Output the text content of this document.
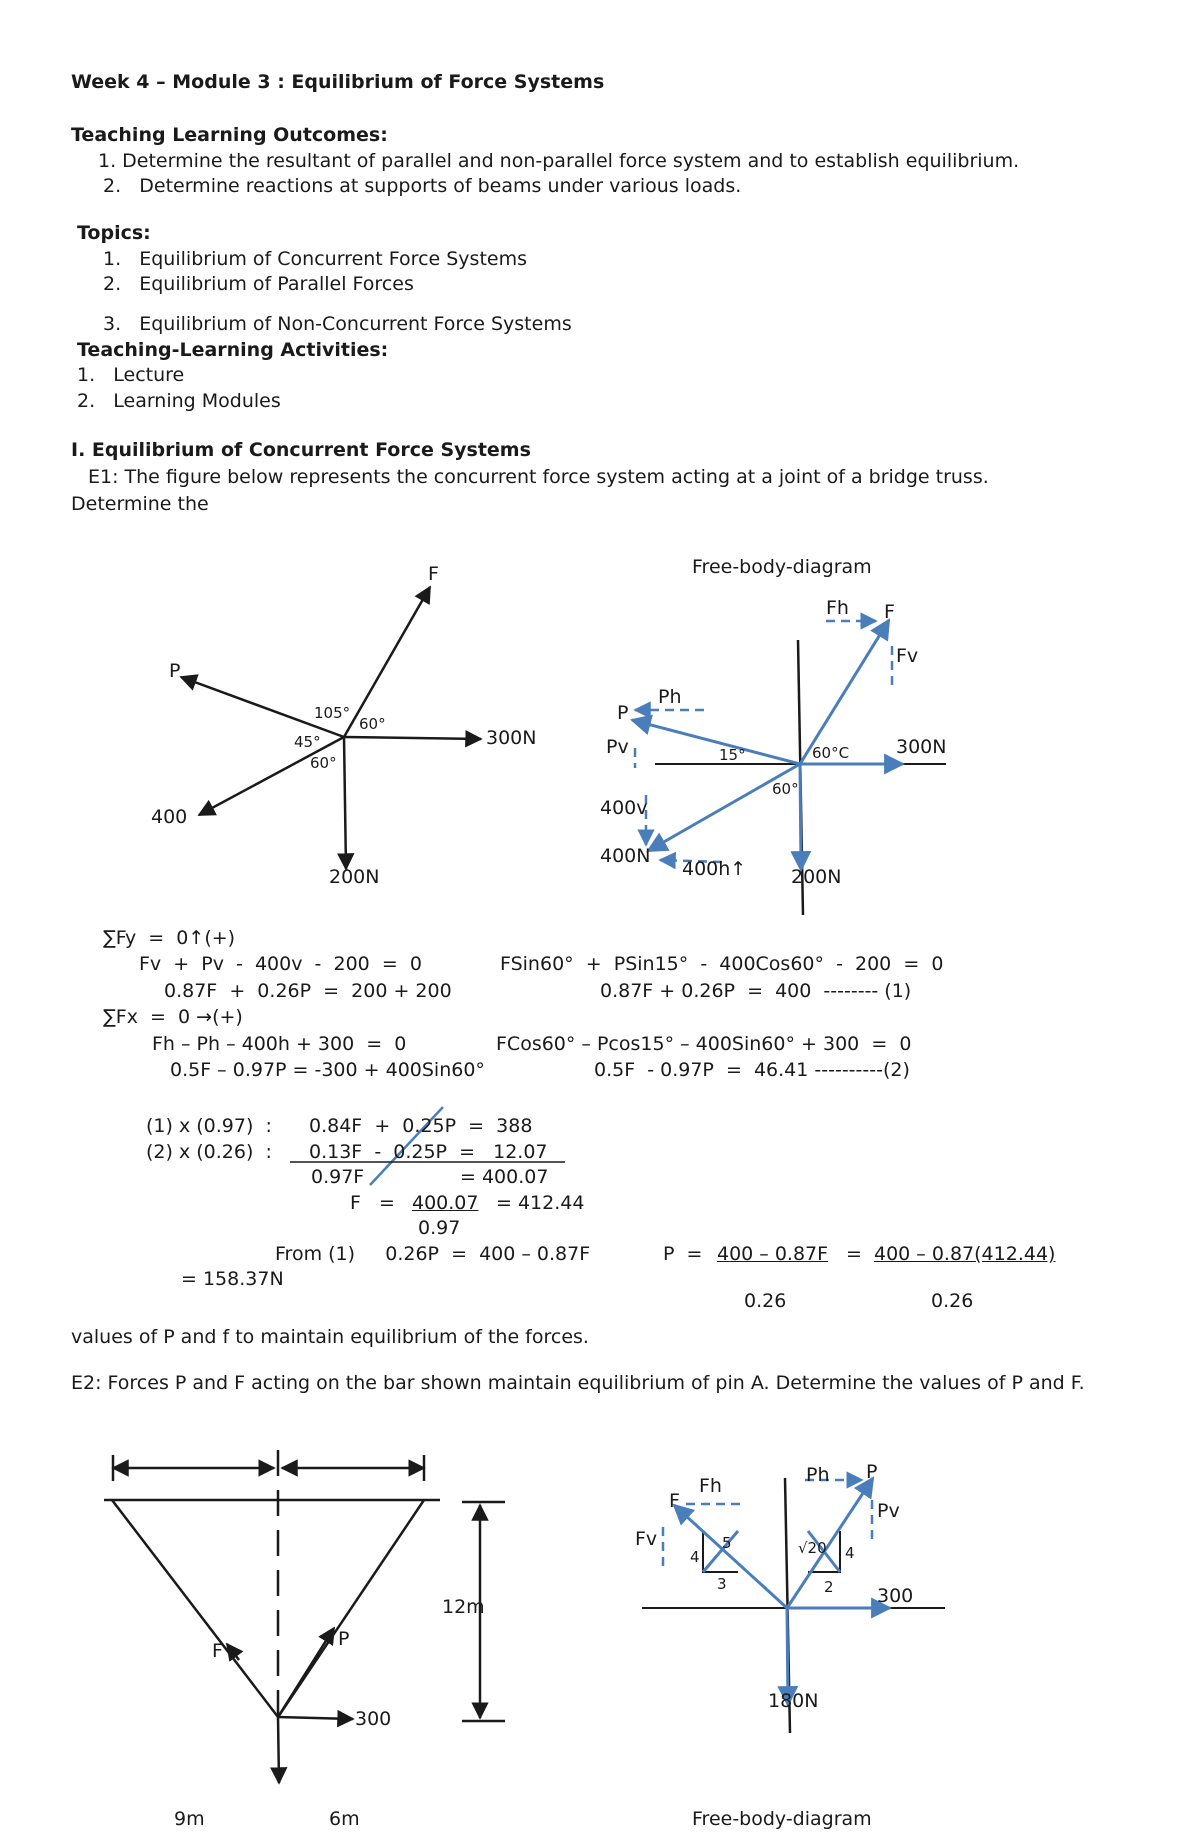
Week 4 – Module 3 : Equilibrium of Force Systems
Teaching Learning Outcomes:
1. Determine the resultant of parallel and non-parallel force system and to establish equilibrium.
2.   Determine reactions at supports of beams under various loads.
Topics:
1.   Equilibrium of Concurrent Force Systems
2.   Equilibrium of Parallel Forces
3.   Equilibrium of Non-Concurrent Force Systems
Teaching-Learning Activities:
1.   Lecture
2.   Learning Modules
I. Equilibrium of Concurrent Force Systems
E1: The figure below represents the concurrent force system acting at a joint of a bridge truss.
Determine the
F
P
300N
400
200N
105°
60°
45°
60°
Free-body-diagram
Fh F
Fv
P
Ph
Pv	15°	60°C
60°
300N
400v
400N
400h↑ 200N
∑Fy  =  0↑(+)
Fv  +  Pv  -  400v  -  200  =  0	FSin60°  +  PSin15°  -  400Cos60°  -  200  =  0
0.87F  +  0.26P  =  200 + 200	0.87F + 0.26P  =  400  -------- (1)
∑Fx  =  0 →(+)
Fh – Ph – 400h + 300  =  0	FCos60° – Pcos15° – 400Sin60° + 300  =  0
0.5F – 0.97P = -300 + 400Sin60°	0.5F  - 0.97P  =  46.41 ----------(2)
(1) x (0.97)  : 0.84F  +  0.25P  =  388
(2) x (0.26)  : 0.13F  -  0.25P  =   12.07
0.97F	= 400.07
F   = 400.07 = 412.44
0.97
From (1)     0.26P  =  400 – 0.87F	P  = 400 – 0.87F = 400 – 0.87(412.44)
= 158.37N
0.26	0.26
values of P and f to maintain equilibrium of the forces.
E2: Forces P and F acting on the bar shown maintain equilibrium of pin A. Determine the values of P and F.
F
P
300
12m
9m	6m
Ph P
Pv
F
Fh
Fv	5
4
3
√20 4
2 300
180N
Free-body-diagram
